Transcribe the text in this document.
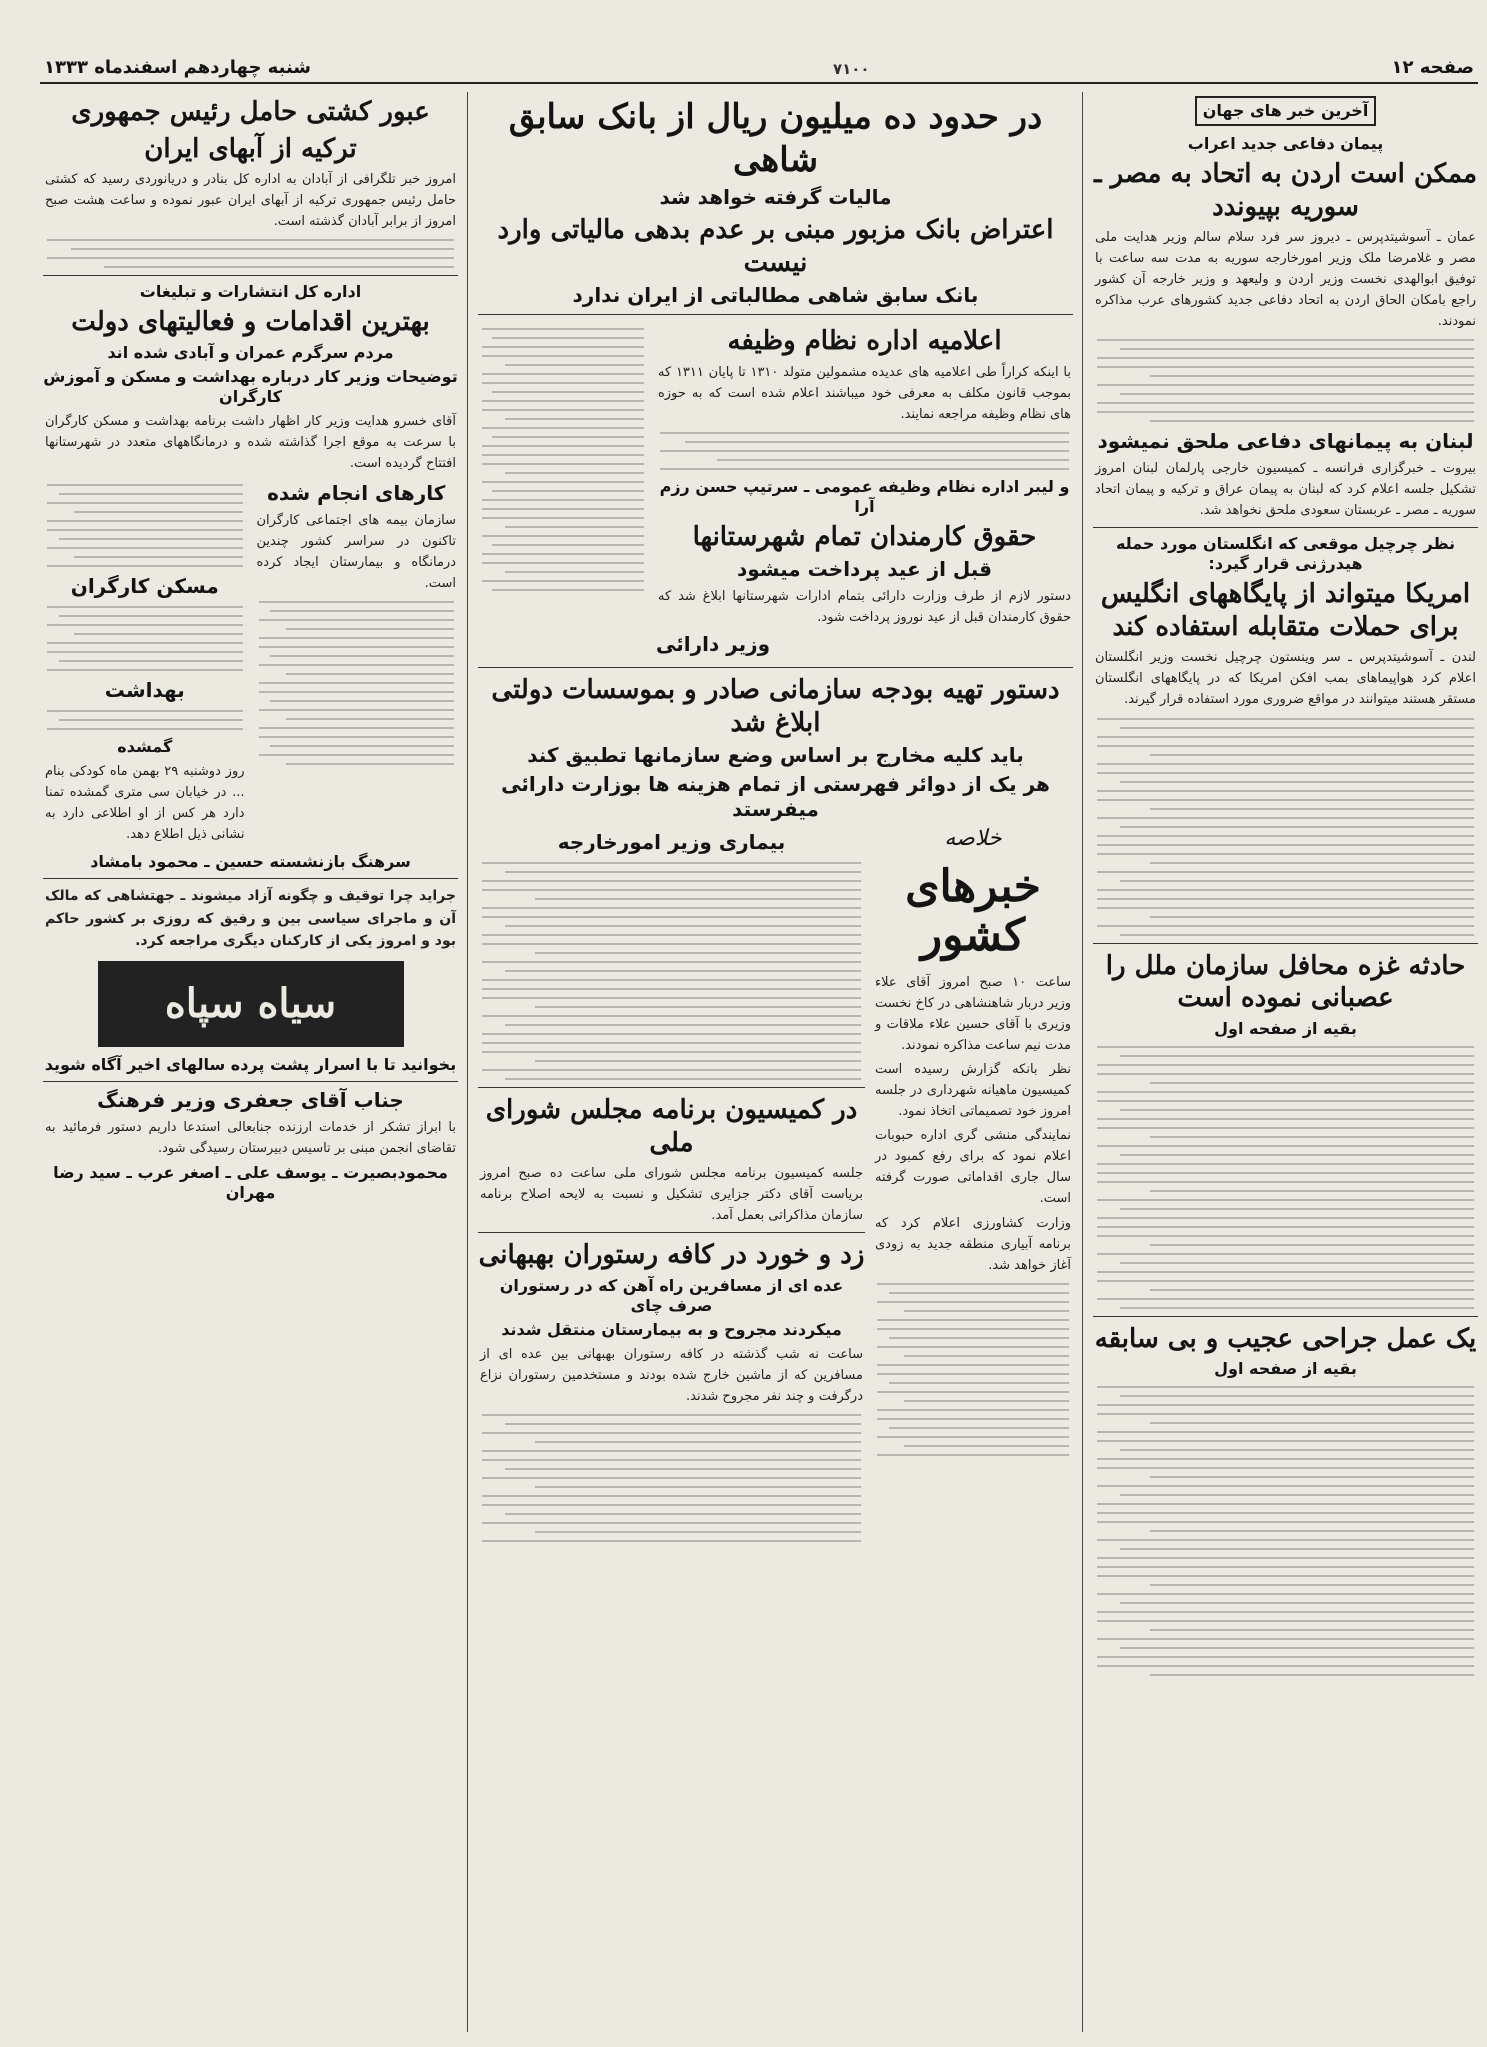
صفحه ۱۲
۷۱۰۰
شنبه چهاردهم اسفندماه ۱۳۳۳
آخرین خبر های جهان
پیمان دفاعی جدید اعراب
ممکن است اردن به اتحاد به مصر ـ سوریه بپیوندد
عمان ـ آسوشیتدپرس ـ دیروز سر فرد سلام سالم وزیر هدایت ملی مصر و غلامرضا ملک وزیر امورخارجه سوریه به مدت سه ساعت با توفیق ابوالهدی نخست وزیر اردن و ولیعهد و وزیر خارجه آن کشور راجع بامکان الحاق اردن به اتحاد دفاعی جدید کشورهای عرب مذاکره نمودند.
لبنان به پیمانهای دفاعی ملحق نمیشود
بیروت ـ خبرگزاری فرانسه ـ کمیسیون خارجی پارلمان لبنان امروز تشکیل جلسه اعلام کرد که لبنان به پیمان عراق و ترکیه و پیمان اتحاد سوریه ـ مصر ـ عربستان سعودی ملحق نخواهد شد.
نظر چرچیل موقعی که انگلستان مورد حمله هیدرژنی قرار گیرد:
امریکا میتواند از پایگاههای انگلیس برای حملات متقابله استفاده کند
لندن ـ آسوشیتدپرس ـ سر وینستون چرچیل نخست وزیر انگلستان اعلام کرد هواپیماهای بمب افکن امریکا که در پایگاههای انگلستان مستقر هستند میتوانند در مواقع ضروری مورد استفاده قرار گیرند.
حادثه غزه محافل سازمان ملل را عصبانی نموده است
بقیه از صفحه اول
یک عمل جراحی عجیب و بی سابقه
بقیه از صفحه اول
در حدود ده میلیون ریال از بانک سابق شاهی
مالیات گرفته خواهد شد
اعتراض بانک مزبور مبنی بر عدم بدهی مالیاتی وارد نیست
بانک سابق شاهی مطالباتی از ایران ندارد
اعلامیه اداره نظام وظیفه
با اینکه کراراً طی اعلامیه های عدیده مشمولین متولد ۱۳۱۰ تا پایان ۱۳۱۱ که بموجب قانون مکلف به معرفی خود میباشند اعلام شده است که به حوزه های نظام وظیفه مراجعه نمایند.
و لیبر اداره نظام وظیفه عمومی ـ سرتیپ حسن رزم آرا
حقوق کارمندان تمام شهرستانها
قبل از عید پرداخت میشود
دستور لازم از طرف وزارت دارائی بتمام ادارات شهرستانها ابلاغ شد که حقوق کارمندان قبل از عید نوروز پرداخت شود.
وزیر دارائی
دستور تهیه بودجه سازمانی صادر و بموسسات دولتی ابلاغ شد
باید کلیه مخارج بر اساس وضع سازمانها تطبیق کند
هر یک از دوائر فهرستی از تمام هزینه ها بوزارت دارائی میفرستد
خلاصه
خبرهای کشور
ساعت ۱۰ صبح امروز آقای علاء وزیر دربار شاهنشاهی در کاخ نخست وزیری با آقای حسین علاء ملاقات و مدت نیم ساعت مذاکره نمودند.
نظر بانکه گزارش رسیده است کمیسیون ماهیانه شهرداری در جلسه امروز خود تصمیماتی اتخاذ نمود.
نمایندگی منشی گری اداره حبوبات اعلام نمود که برای رفع کمبود در سال جاری اقداماتی صورت گرفته است.
وزارت کشاورزی اعلام کرد که برنامه آبیاری منطقه جدید به زودی آغاز خواهد شد.
بیماری وزیر امورخارجه
در کمیسیون برنامه مجلس شورای ملی
جلسه کمیسیون برنامه مجلس شورای ملی ساعت ده صبح امروز بریاست آقای دکتر جزایری تشکیل و نسبت به لایحه اصلاح برنامه سازمان مذاکراتی بعمل آمد.
زد و خورد در کافه رستوران بهبهانی
عده ای از مسافرین راه آهن که در رستوران صرف چای
میکردند مجروح و به بیمارستان منتقل شدند
ساعت نه شب گذشته در کافه رستوران بهبهانی بین عده ای از مسافرین که از ماشین خارج شده بودند و مستخدمین رستوران نزاع درگرفت و چند نفر مجروح شدند.
عبور کشتی حامل رئیس جمهوری
ترکیه از آبهای ایران
امروز خبر تلگرافی از آبادان به اداره کل بنادر و دریانوردی رسید که کشتی حامل رئیس جمهوری ترکیه از آبهای ایران عبور نموده و ساعت هشت صبح امروز از برابر آبادان گذشته است.
اداره کل انتشارات و تبلیغات
بهترین اقدامات و فعالیتهای دولت
مردم سرگرم عمران و آبادی شده اند
توضیحات وزیر کار درباره بهداشت و مسکن و آموزش کارگران
آقای خسرو هدایت وزیر کار اظهار داشت برنامه بهداشت و مسکن کارگران با سرعت به موقع اجرا گذاشته شده و درمانگاههای متعدد در شهرستانها افتتاح گردیده است.
کارهای انجام شده
سازمان بیمه های اجتماعی کارگران تاکنون در سراسر کشور چندین درمانگاه و بیمارستان ایجاد کرده است.
مسکن کارگران
بهداشت
گمشده
روز دوشنبه ۲۹ بهمن ماه کودکی بنام ... در خیابان سی متری گمشده تمنا دارد هر کس از او اطلاعی دارد به نشانی ذیل اطلاع دهد.
سرهنگ بازنشسته حسین ـ محمود بامشاد
جراید چرا توقیف و چگونه آزاد میشوند ـ جهتشاهی که مالک آن و ماجرای سیاسی بین و رفیق که روزی بر کشور حاکم بود و امروز یکی از کارکنان دیگری مراجعه کرد.
سیاه سپاه
بخوانید تا با اسرار پشت پرده سالهای اخیر آگاه شوید
جناب آقای جعفری وزیر فرهنگ
با ابراز تشکر از خدمات ارزنده جنابعالی استدعا داریم دستور فرمائید به تقاضای انجمن مبنی بر تاسیس دبیرستان رسیدگی شود.
محمودبصیرت ـ یوسف علی ـ اصغر عرب ـ سید رضا مهران
